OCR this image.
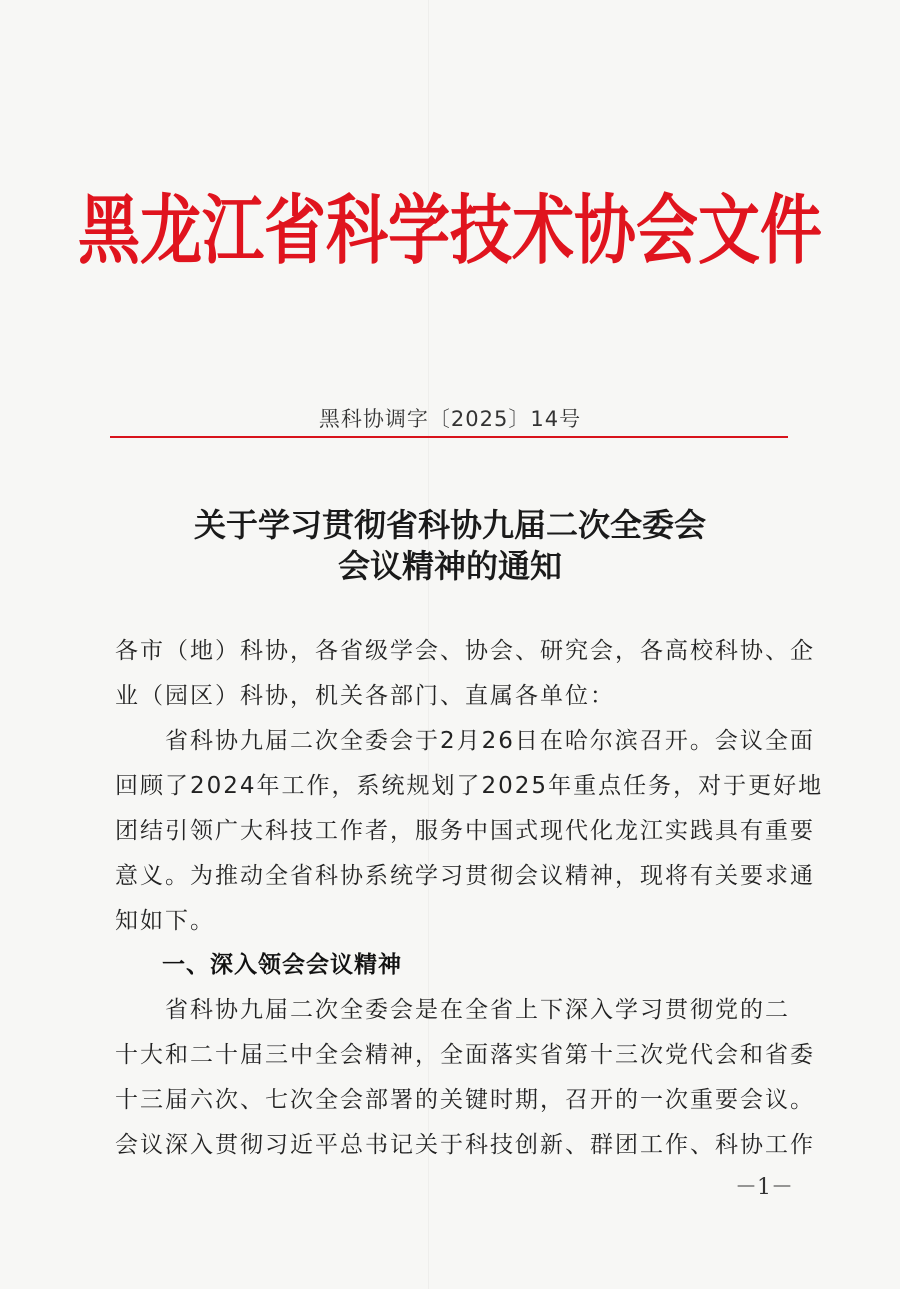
黑龙江省科学技术协会文件
黑科协调字〔2025〕14号
关于学习贯彻省科协九届二次全委会
会议精神的通知
各市（地）科协，各省级学会、协会、研究会，各高校科协、企
业（园区）科协，机关各部门、直属各单位：
　　省科协九届二次全委会于2月26日在哈尔滨召开。会议全面
回顾了2024年工作，系统规划了2025年重点任务，对于更好地
团结引领广大科技工作者，服务中国式现代化龙江实践具有重要
意义。为推动全省科协系统学习贯彻会议精神，现将有关要求通
知如下。
一、深入领会会议精神
　　省科协九届二次全委会是在全省上下深入学习贯彻党的二
十大和二十届三中全会精神，全面落实省第十三次党代会和省委
十三届六次、七次全会部署的关键时期，召开的一次重要会议。
会议深入贯彻习近平总书记关于科技创新、群团工作、科协工作
－1－
